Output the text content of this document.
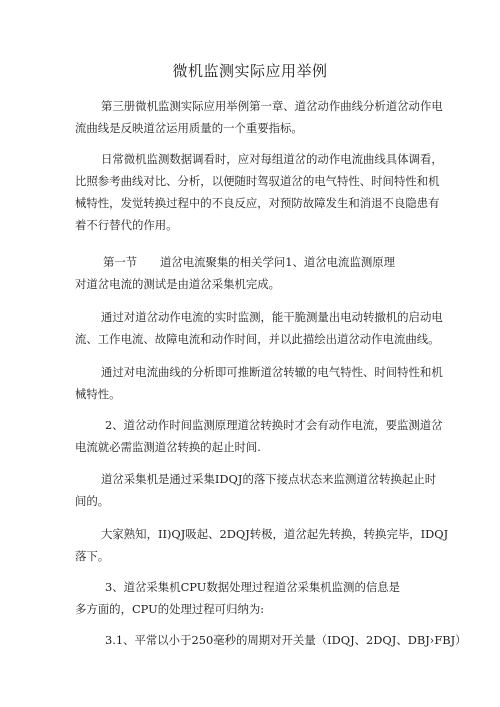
微机监测实际应用举例
第三册微机监测实际应用举例第一章、道岔动作曲线分析道岔动作电
流曲线是反映道岔运用质量的一个重要指标。
日常微机监测数据调看时，应对每组道岔的动作电流曲线具体调看，
比照参考曲线对比、分析，以便随时驾驭道岔的电气特性、时间特性和机
械特性，发觉转换过程中的不良反应，对预防故障发生和消退不良隐患有
着不行替代的作用。
第一节　　道岔电流聚集的相关学问1、道岔电流监测原理
对道岔电流的测试是由道岔采集机完成。
通过对道岔动作电流的实时监测，能干脆测量出电动转撤机的启动电
流、工作电流、故障电流和动作时间，并以此描绘出道岔动作电流曲线。
通过对电流曲线的分析即可推断道岔转辙的电气特性、时间特性和机
械特性。
2、道岔动作时间监测原理道岔转换时才会有动作电流，要监测道岔
电流就必需监测道岔转换的起止时间.
道岔采集机是通过采集IDQJ的落下接点状态来监测道岔转换起止时
间的。
大家熟知，II)QJ吸起、2DQJ转极，道岔起先转换，转换完毕，IDQJ
落下。
3、道岔采集机CPU数据处理过程道岔采集机监测的信息是
多方面的，CPU的处理过程可归纳为:
3.1、平常以小于250毫秒的周期对开关量（IDQJ、2DQJ、DBJ›FBJ）
